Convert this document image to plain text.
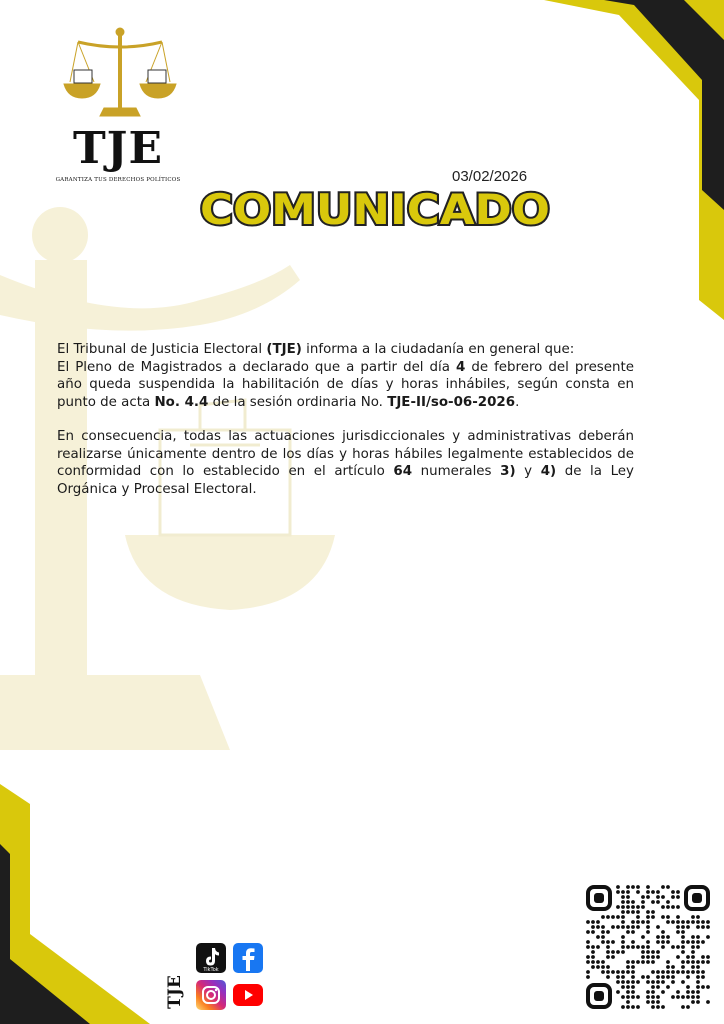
TJE
GARANTIZA TUS DERECHOS POLÍTICOS	03/02/2026
COMUNICADO

El Tribunal de Justicia Electoral (TJE) informa a la ciudadanía en general que:
El Pleno de Magistrados a declarado que a partir del día 4 de febrero del presente año queda suspendida la habilitación de días y horas inhábiles, según consta en punto de acta No. 4.4 de la sesión ordinaria No. TJE-II/so-06-2026.

En consecuencia, todas las actuaciones jurisdiccionales y administrativas deberán realizarse únicamente dentro de los días y horas hábiles legalmente establecidos de conformidad con lo establecido en el artículo 64 numerales 3) y 4) de la Ley Orgánica y Procesal Electoral.

TJE
TikTok
